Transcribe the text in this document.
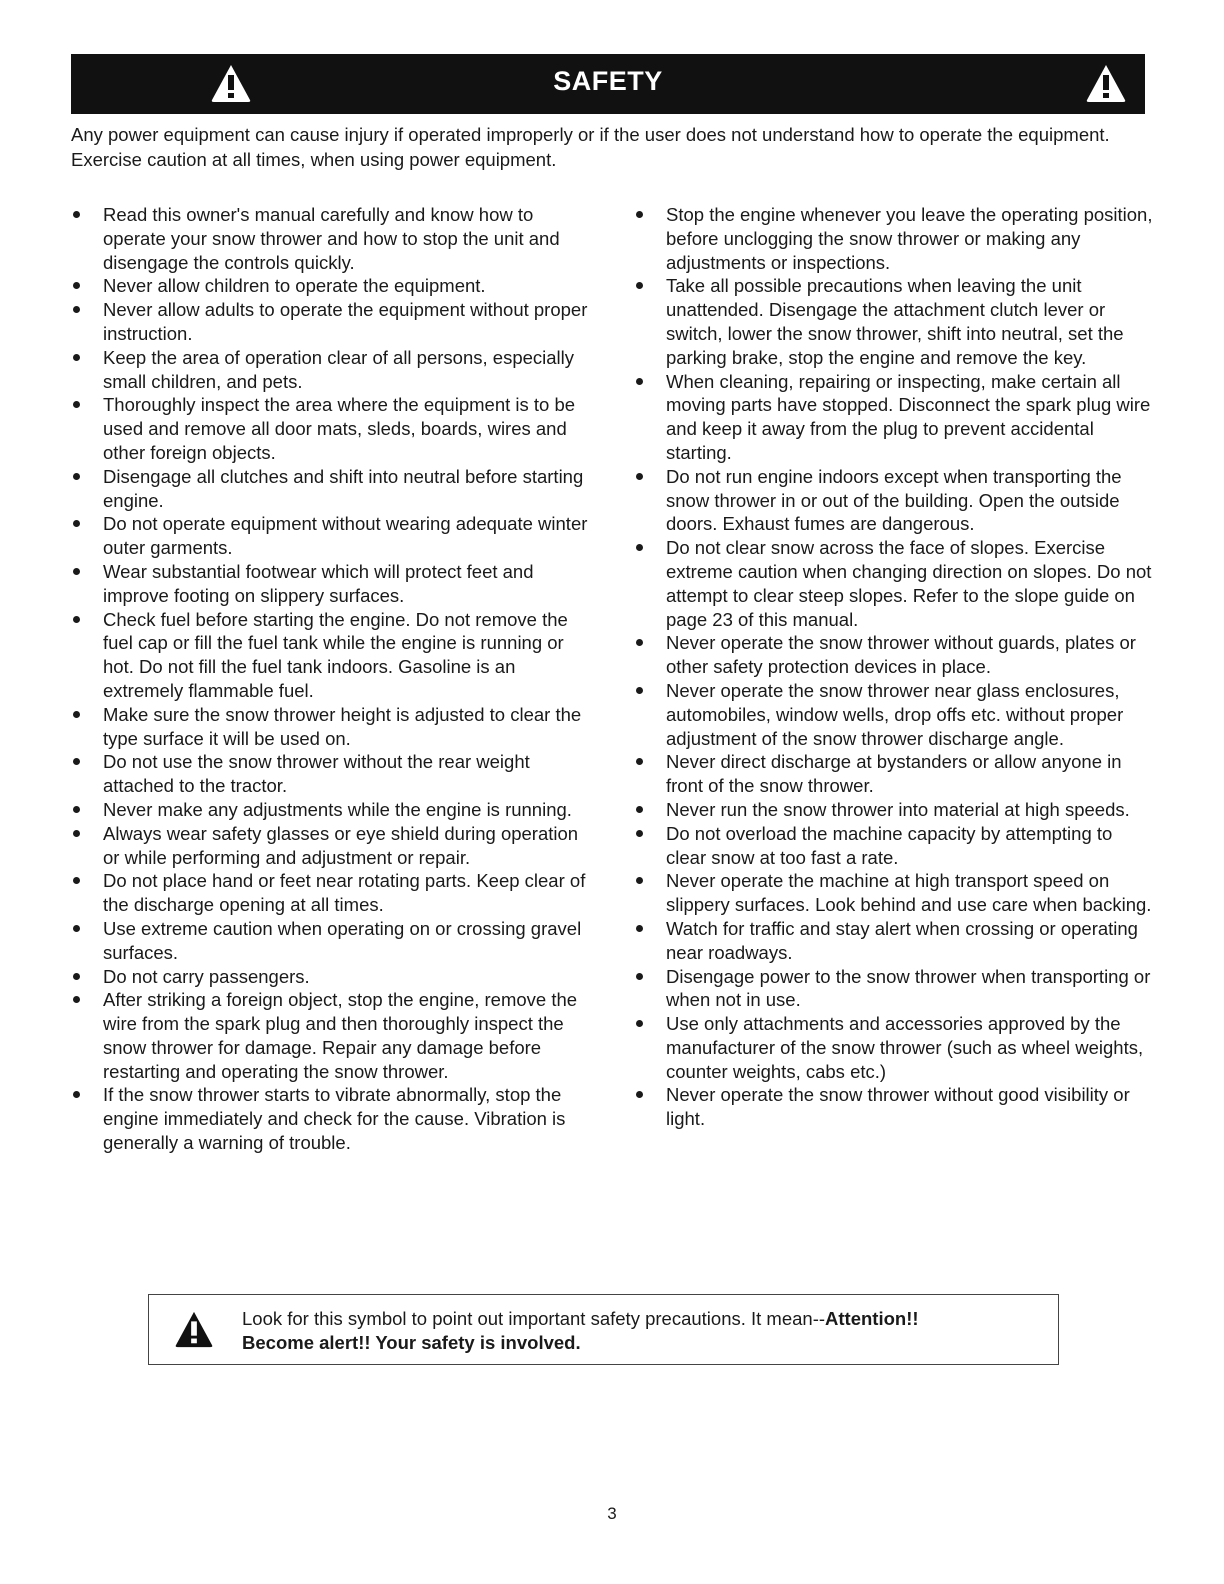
SAFETY

Any power equipment can cause injury if operated improperly or if the user does not understand how to operate the equipment. Exercise caution at all times, when using power equipment.

Read this owner's manual carefully and know how to operate your snow thrower and how to stop the unit and disengage the controls quickly.
Never allow children to operate the equipment.
Never allow adults to operate the equipment without proper instruction.
Keep the area of operation clear of all persons, especially small children, and pets.
Thoroughly inspect the area where the equipment is to be used and remove all door mats, sleds, boards, wires and other foreign objects.
Disengage all clutches and shift into neutral before starting engine.
Do not operate equipment without wearing adequate winter outer garments.
Wear substantial footwear which will protect feet and improve footing on slippery surfaces.
Check fuel before starting the engine. Do not remove the fuel cap or fill the fuel tank while the engine is running or hot. Do not fill the fuel tank indoors. Gasoline is an extremely flammable fuel.
Make sure the snow thrower height is adjusted to clear the type surface it will be used on.
Do not use the snow thrower without the rear weight attached to the tractor.
Never make any adjustments while the engine is running.
Always wear safety glasses or eye shield during operation or while performing and adjustment or repair.
Do not place hand or feet near rotating parts. Keep clear of the discharge opening at all times.
Use extreme caution when operating on or crossing gravel surfaces.
Do not carry passengers.
After striking a foreign object, stop the engine, remove the wire from the spark plug and then thoroughly inspect the snow thrower for damage. Repair any damage before restarting and operating the snow thrower.
If the snow thrower starts to vibrate abnormally, stop the engine immediately and check for the cause. Vibration is generally a warning of trouble.
Stop the engine whenever you leave the operating position, before unclogging the snow thrower or making any adjustments or inspections.
Take all possible precautions when leaving the unit unattended. Disengage the attachment clutch lever or switch, lower the snow thrower, shift into neutral, set the parking brake, stop the engine and remove the key.
When cleaning, repairing or inspecting, make certain all moving parts have stopped. Disconnect the spark plug wire and keep it away from the plug to prevent accidental starting.
Do not run engine indoors except when transporting the snow thrower in or out of the building. Open the outside doors. Exhaust fumes are dangerous.
Do not clear snow across the face of slopes. Exercise extreme caution when changing direction on slopes. Do not attempt to clear steep slopes. Refer to the slope guide on page 23 of this manual.
Never operate the snow thrower without guards, plates or other safety protection devices in place.
Never operate the snow thrower near glass enclosures, automobiles, window wells, drop offs etc. without proper adjustment of the snow thrower discharge angle.
Never direct discharge at bystanders or allow anyone in front of the snow thrower.
Never run the snow thrower into material at high speeds.
Do not overload the machine capacity by attempting to clear snow at too fast a rate.
Never operate the machine at high transport speed on slippery surfaces. Look behind and use care when backing.
Watch for traffic and stay alert when crossing or operating near roadways.
Disengage power to the snow thrower when transporting or when not in use.
Use only attachments and accessories approved by the manufacturer of the snow thrower (such as wheel weights, counter weights, cabs etc.)
Never operate the snow thrower without good visibility or light.

Look for this symbol to point out important safety precautions. It mean--Attention!!
Become alert!! Your safety is involved.

3
